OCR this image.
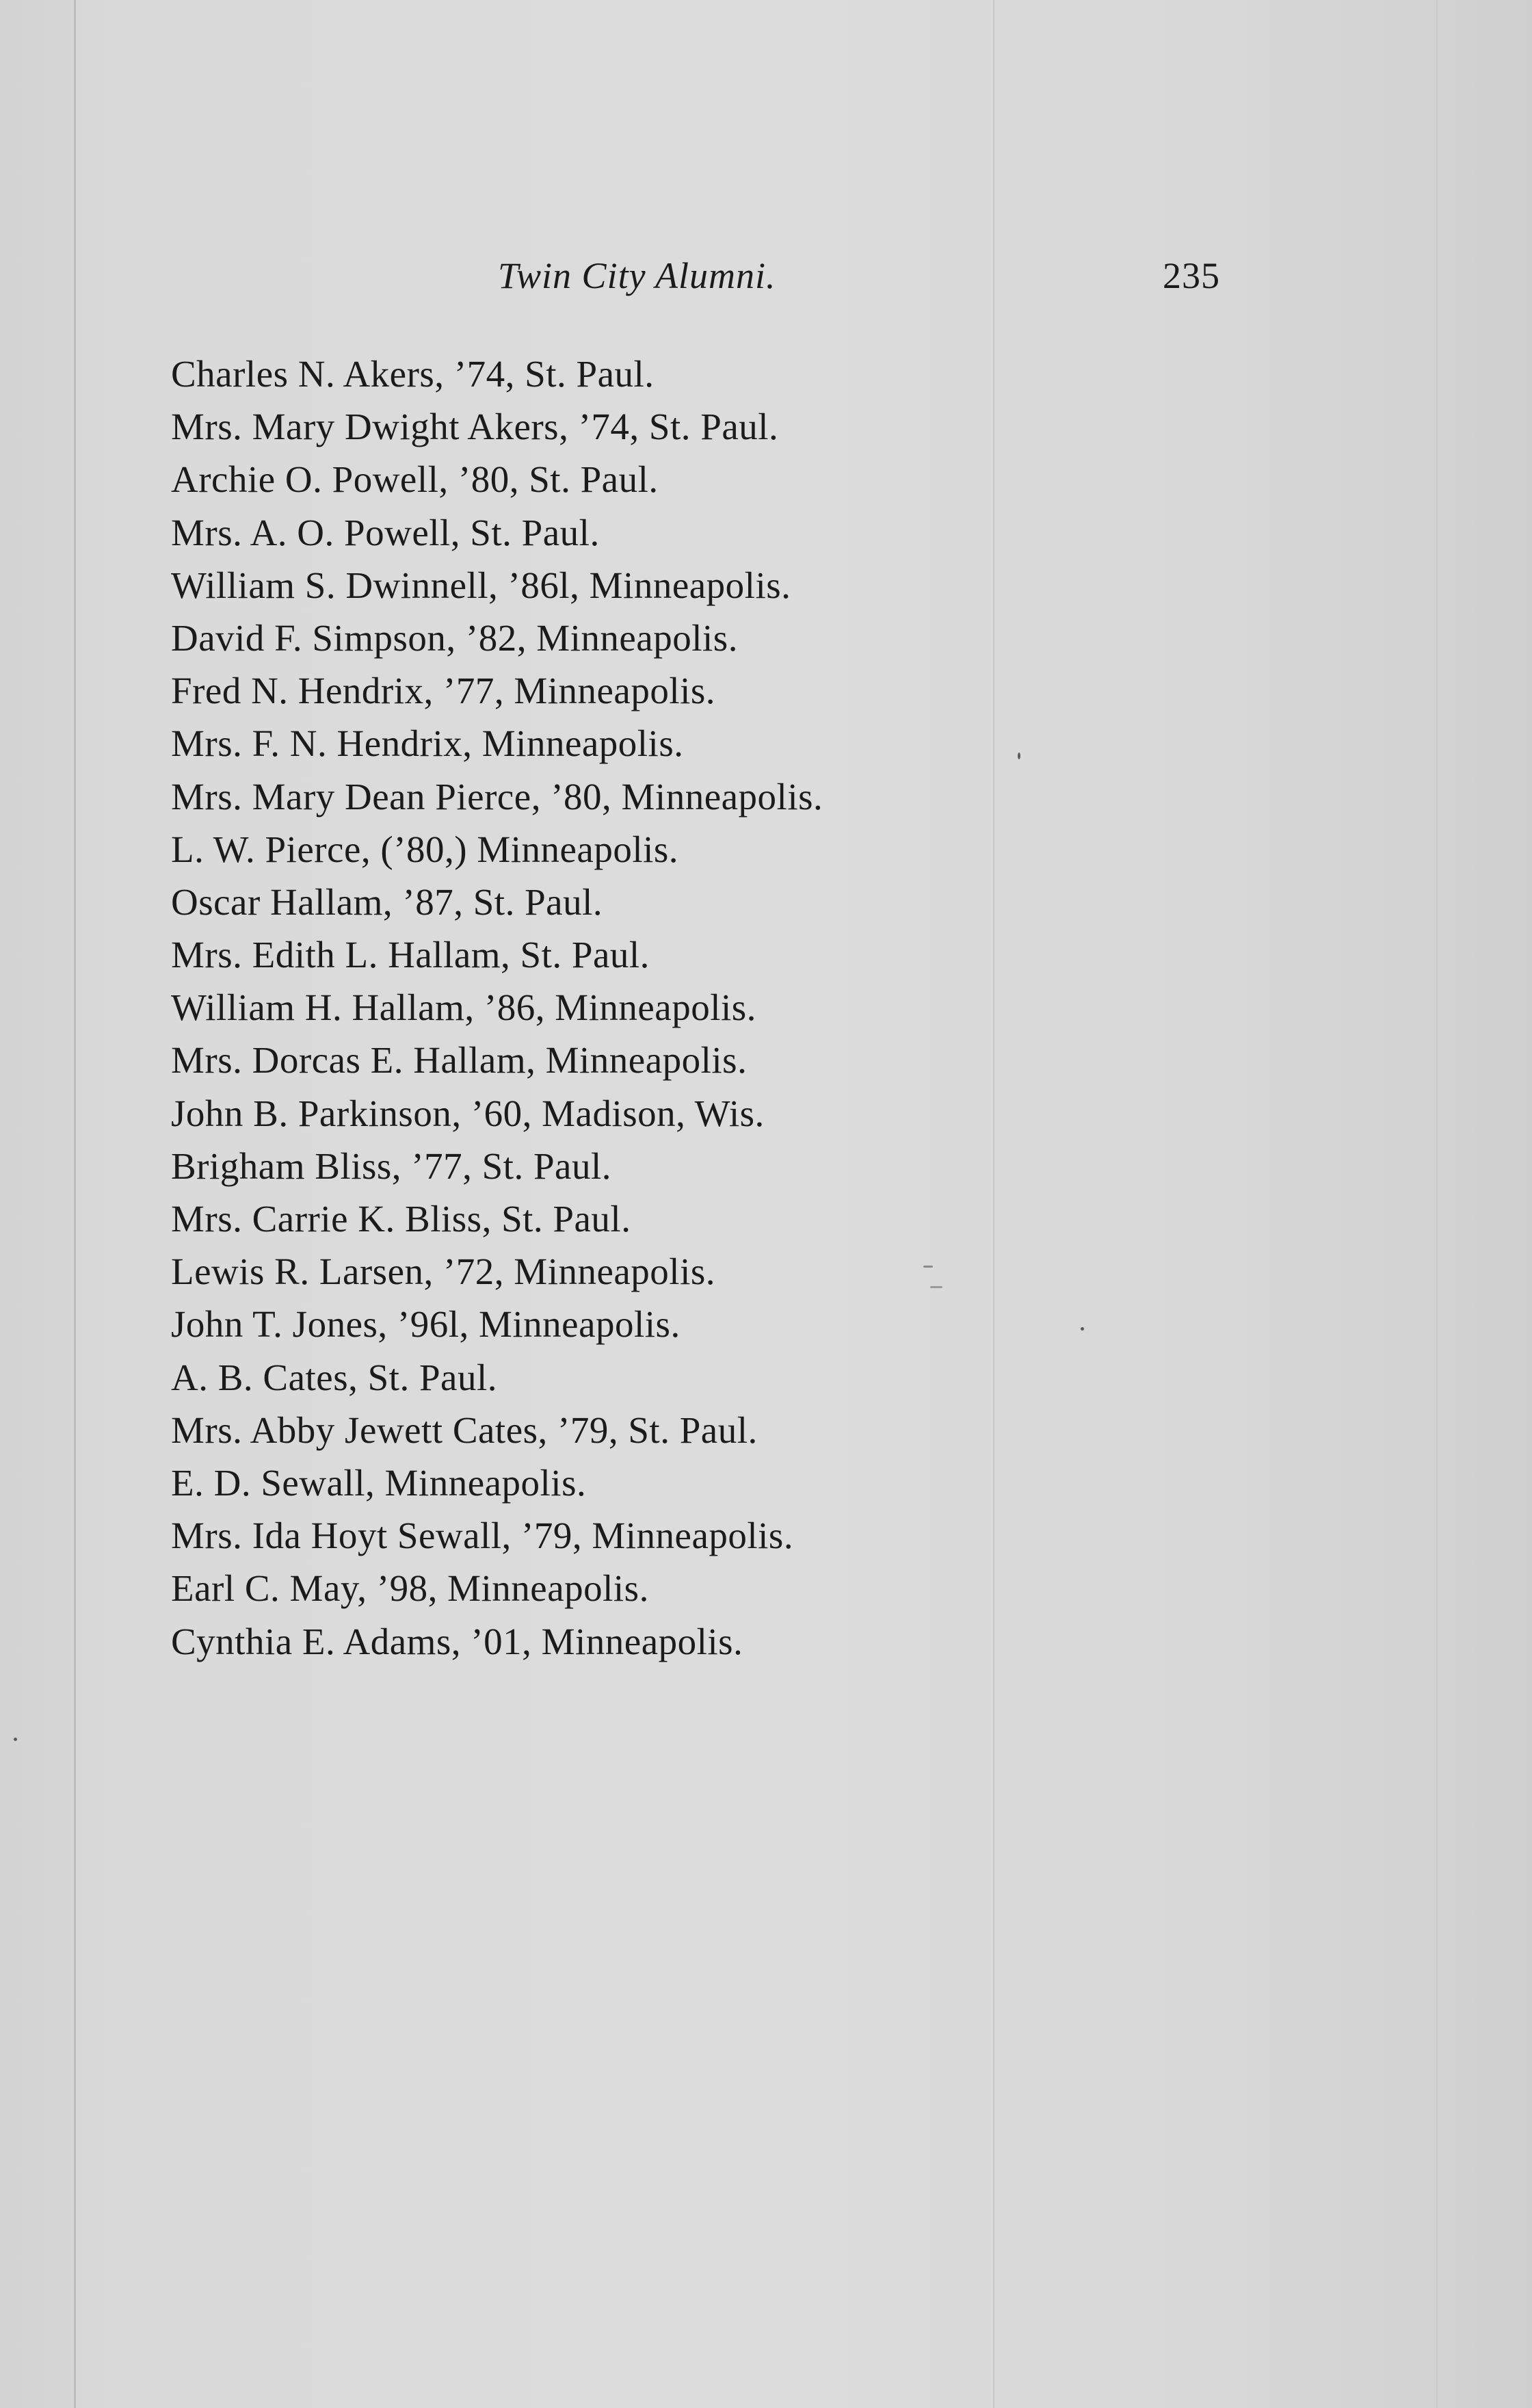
Twin City Alumni.	235
Charles N. Akers, ’74, St. Paul.
Mrs. Mary Dwight Akers, ’74, St. Paul.
Archie O. Powell, ’80, St. Paul.
Mrs. A. O. Powell, St. Paul.
William S. Dwinnell, ’86l, Minneapolis.
David F. Simpson, ’82, Minneapolis.
Fred N. Hendrix, ’77, Minneapolis.
Mrs. F. N. Hendrix, Minneapolis.
Mrs. Mary Dean Pierce, ’80, Minneapolis.
L. W. Pierce, (’80,) Minneapolis.
Oscar Hallam, ’87, St. Paul.
Mrs. Edith L. Hallam, St. Paul.
William H. Hallam, ’86, Minneapolis.
Mrs. Dorcas E. Hallam, Minneapolis.
John B. Parkinson, ’60, Madison, Wis.
Brigham Bliss, ’77, St. Paul.
Mrs. Carrie K. Bliss, St. Paul.
Lewis R. Larsen, ’72, Minneapolis.
John T. Jones, ’96l, Minneapolis.
A. B. Cates, St. Paul.
Mrs. Abby Jewett Cates, ’79, St. Paul.
E. D. Sewall, Minneapolis.
Mrs. Ida Hoyt Sewall, ’79, Minneapolis.
Earl C. May, ’98, Minneapolis.
Cynthia E. Adams, ’01, Minneapolis.
